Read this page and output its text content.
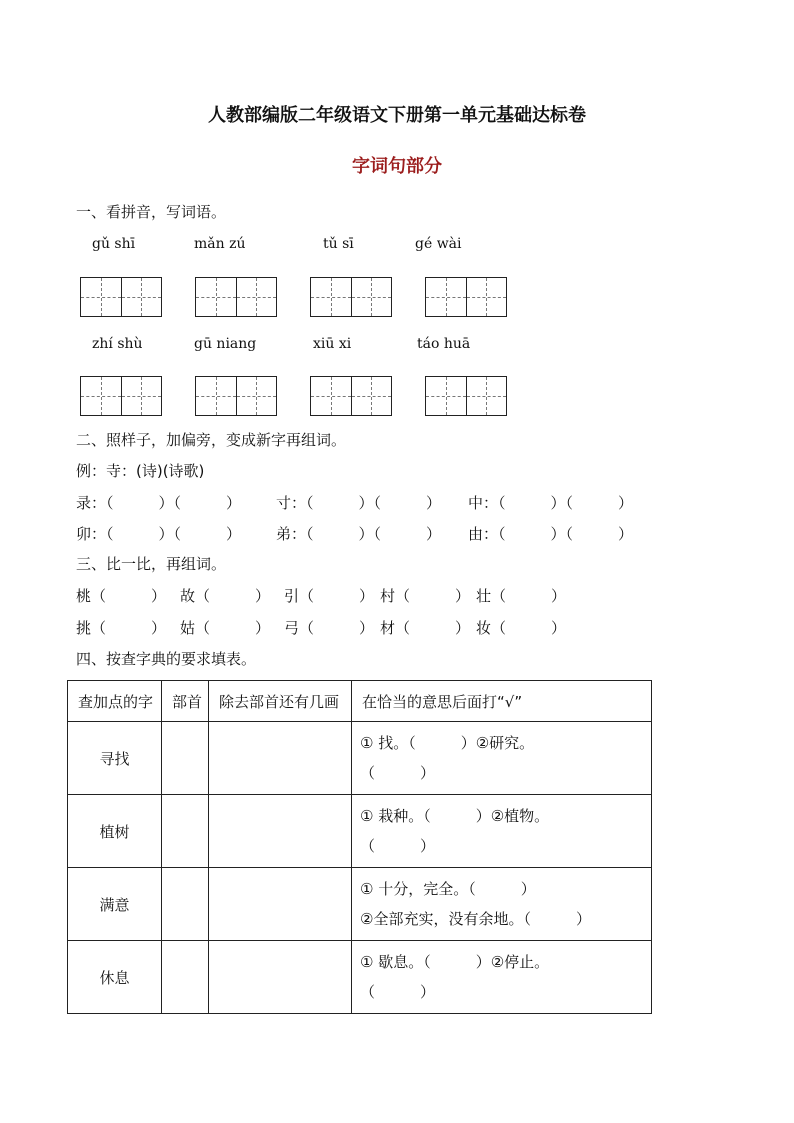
人教部编版二年级语文下册第一单元基础达标卷
字词句部分
一、看拼音，写词语。
gǔ shī	mǎn zú	tǔ sī	gé wài
zhí shù	gū niang	xiū xi	táo huā
二、照样子，加偏旁，变成新字再组词。
例：寺：(诗)(诗歌)
录：（　　　）（　　　） 寸：（　　　）（　　　） 中：（　　　）（　　　）
卯：（　　　）（　　　） 弟：（　　　）（　　　） 由：（　　　）（　　　）
三、比一比，再组词。
桃（　　　） 故（　　　） 引（　　　） 村（　　　） 壮（　　　）
挑（　　　） 姑（　　　） 弓（　　　） 材（　　　） 妆（　　　）
四、按查字典的要求填表。
查加点的字	部首	除去部首还有几画	在恰当的意思后面打“√”
寻找			① 找。（　　　）②研究。
（　　　）

植树			① 栽种。（　　　）②植物。
（　　　）

满意			① 十分，完全。（　　　）
②全部充实，没有余地。（　　　）

休息			① 歇息。（　　　）②停止。
（　　　）
